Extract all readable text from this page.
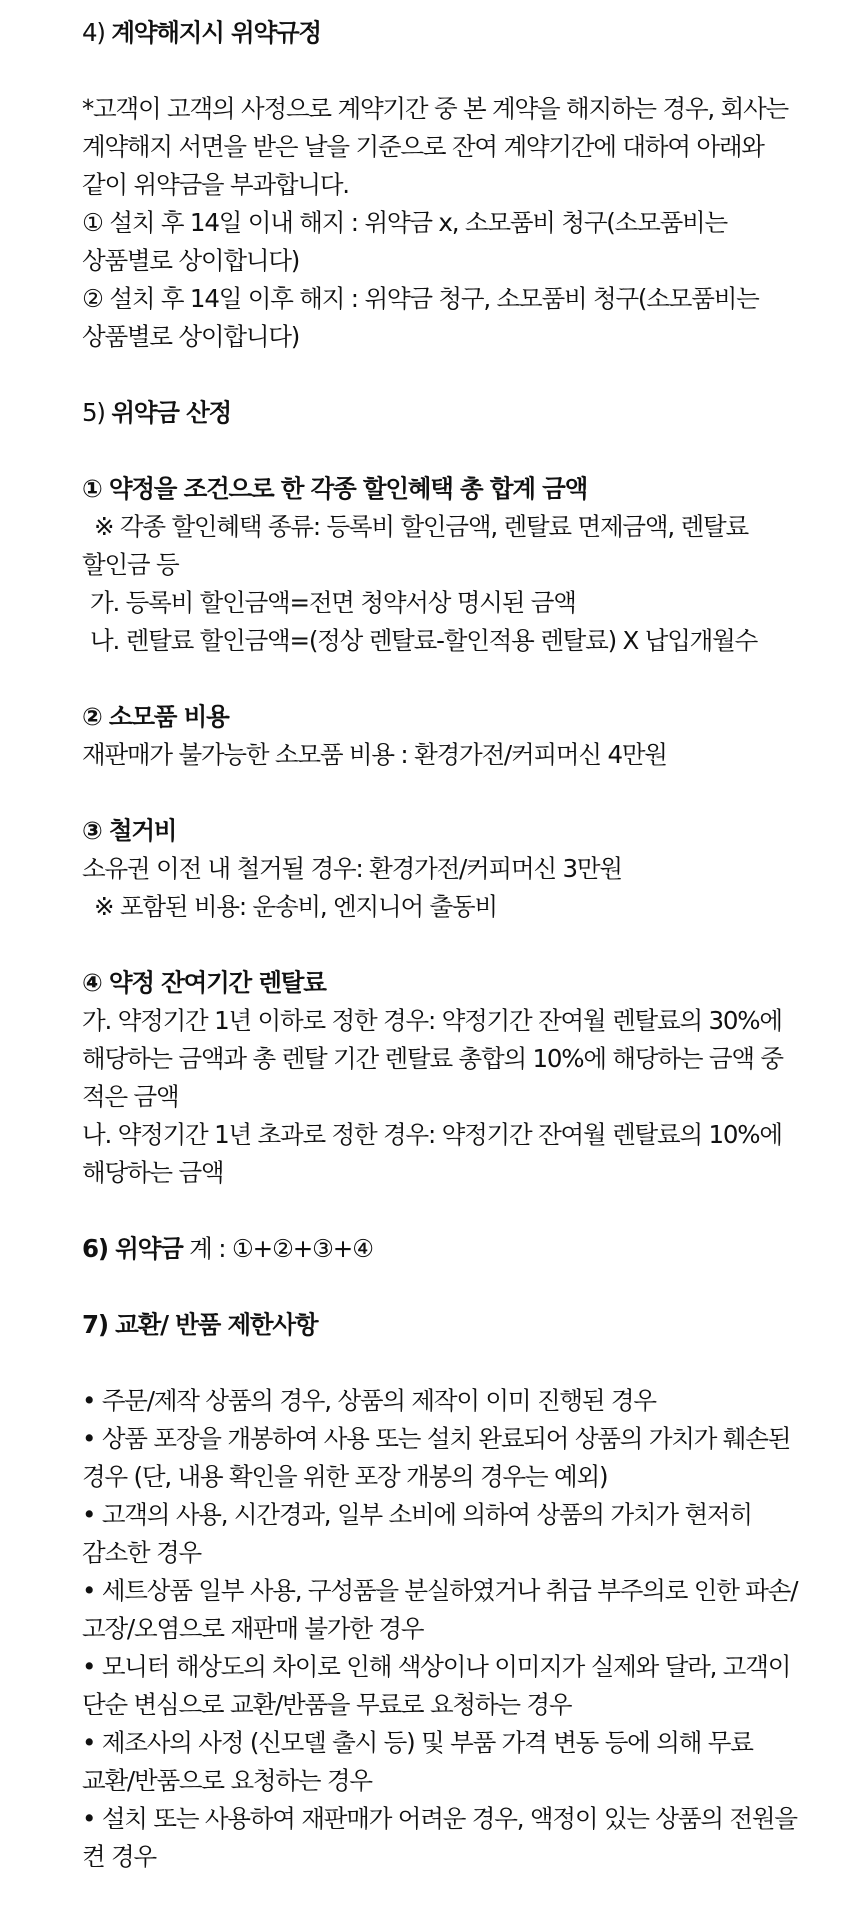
4) 계약해지시 위약규정
*고객이 고객의 사정으로 계약기간 중 본 계약을 해지하는 경우, 회사는
계약해지 서면을 받은 날을 기준으로 잔여 계약기간에 대하여 아래와
같이 위약금을 부과합니다.
① 설치 후 14일 이내 해지 : 위약금 x, 소모품비 청구(소모품비는
상품별로 상이합니다)
② 설치 후 14일 이후 해지 : 위약금 청구, 소모품비 청구(소모품비는
상품별로 상이합니다)
5) 위약금 산정
① 약정을 조건으로 한 각종 할인혜택 총 합계 금액
※ 각종 할인혜택 종류: 등록비 할인금액, 렌탈료 면제금액, 렌탈료
할인금 등
가. 등록비 할인금액=전면 청약서상 명시된 금액
나. 렌탈료 할인금액=(정상 렌탈료-할인적용 렌탈료) X 납입개월수
② 소모품 비용
재판매가 불가능한 소모품 비용 : 환경가전/커피머신 4만원
③ 철거비
소유권 이전 내 철거될 경우: 환경가전/커피머신 3만원
※ 포함된 비용: 운송비, 엔지니어 출동비
④ 약정 잔여기간 렌탈료
가. 약정기간 1년 이하로 정한 경우: 약정기간 잔여월 렌탈료의 30%에
해당하는 금액과 총 렌탈 기간 렌탈료 총합의 10%에 해당하는 금액 중
적은 금액
나. 약정기간 1년 초과로 정한 경우: 약정기간 잔여월 렌탈료의 10%에
해당하는 금액
6) 위약금 계 : ①+②+③+④
7) 교환/ 반품 제한사항
• 주문/제작 상품의 경우, 상품의 제작이 이미 진행된 경우
• 상품 포장을 개봉하여 사용 또는 설치 완료되어 상품의 가치가 훼손된
경우 (단, 내용 확인을 위한 포장 개봉의 경우는 예외)
• 고객의 사용, 시간경과, 일부 소비에 의하여 상품의 가치가 현저히
감소한 경우
• 세트상품 일부 사용, 구성품을 분실하였거나 취급 부주의로 인한 파손/
고장/오염으로 재판매 불가한 경우
• 모니터 해상도의 차이로 인해 색상이나 이미지가 실제와 달라, 고객이
단순 변심으로 교환/반품을 무료로 요청하는 경우
• 제조사의 사정 (신모델 출시 등) 및 부품 가격 변동 등에 의해 무료
교환/반품으로 요청하는 경우
• 설치 또는 사용하여 재판매가 어려운 경우, 액정이 있는 상품의 전원을
켠 경우
